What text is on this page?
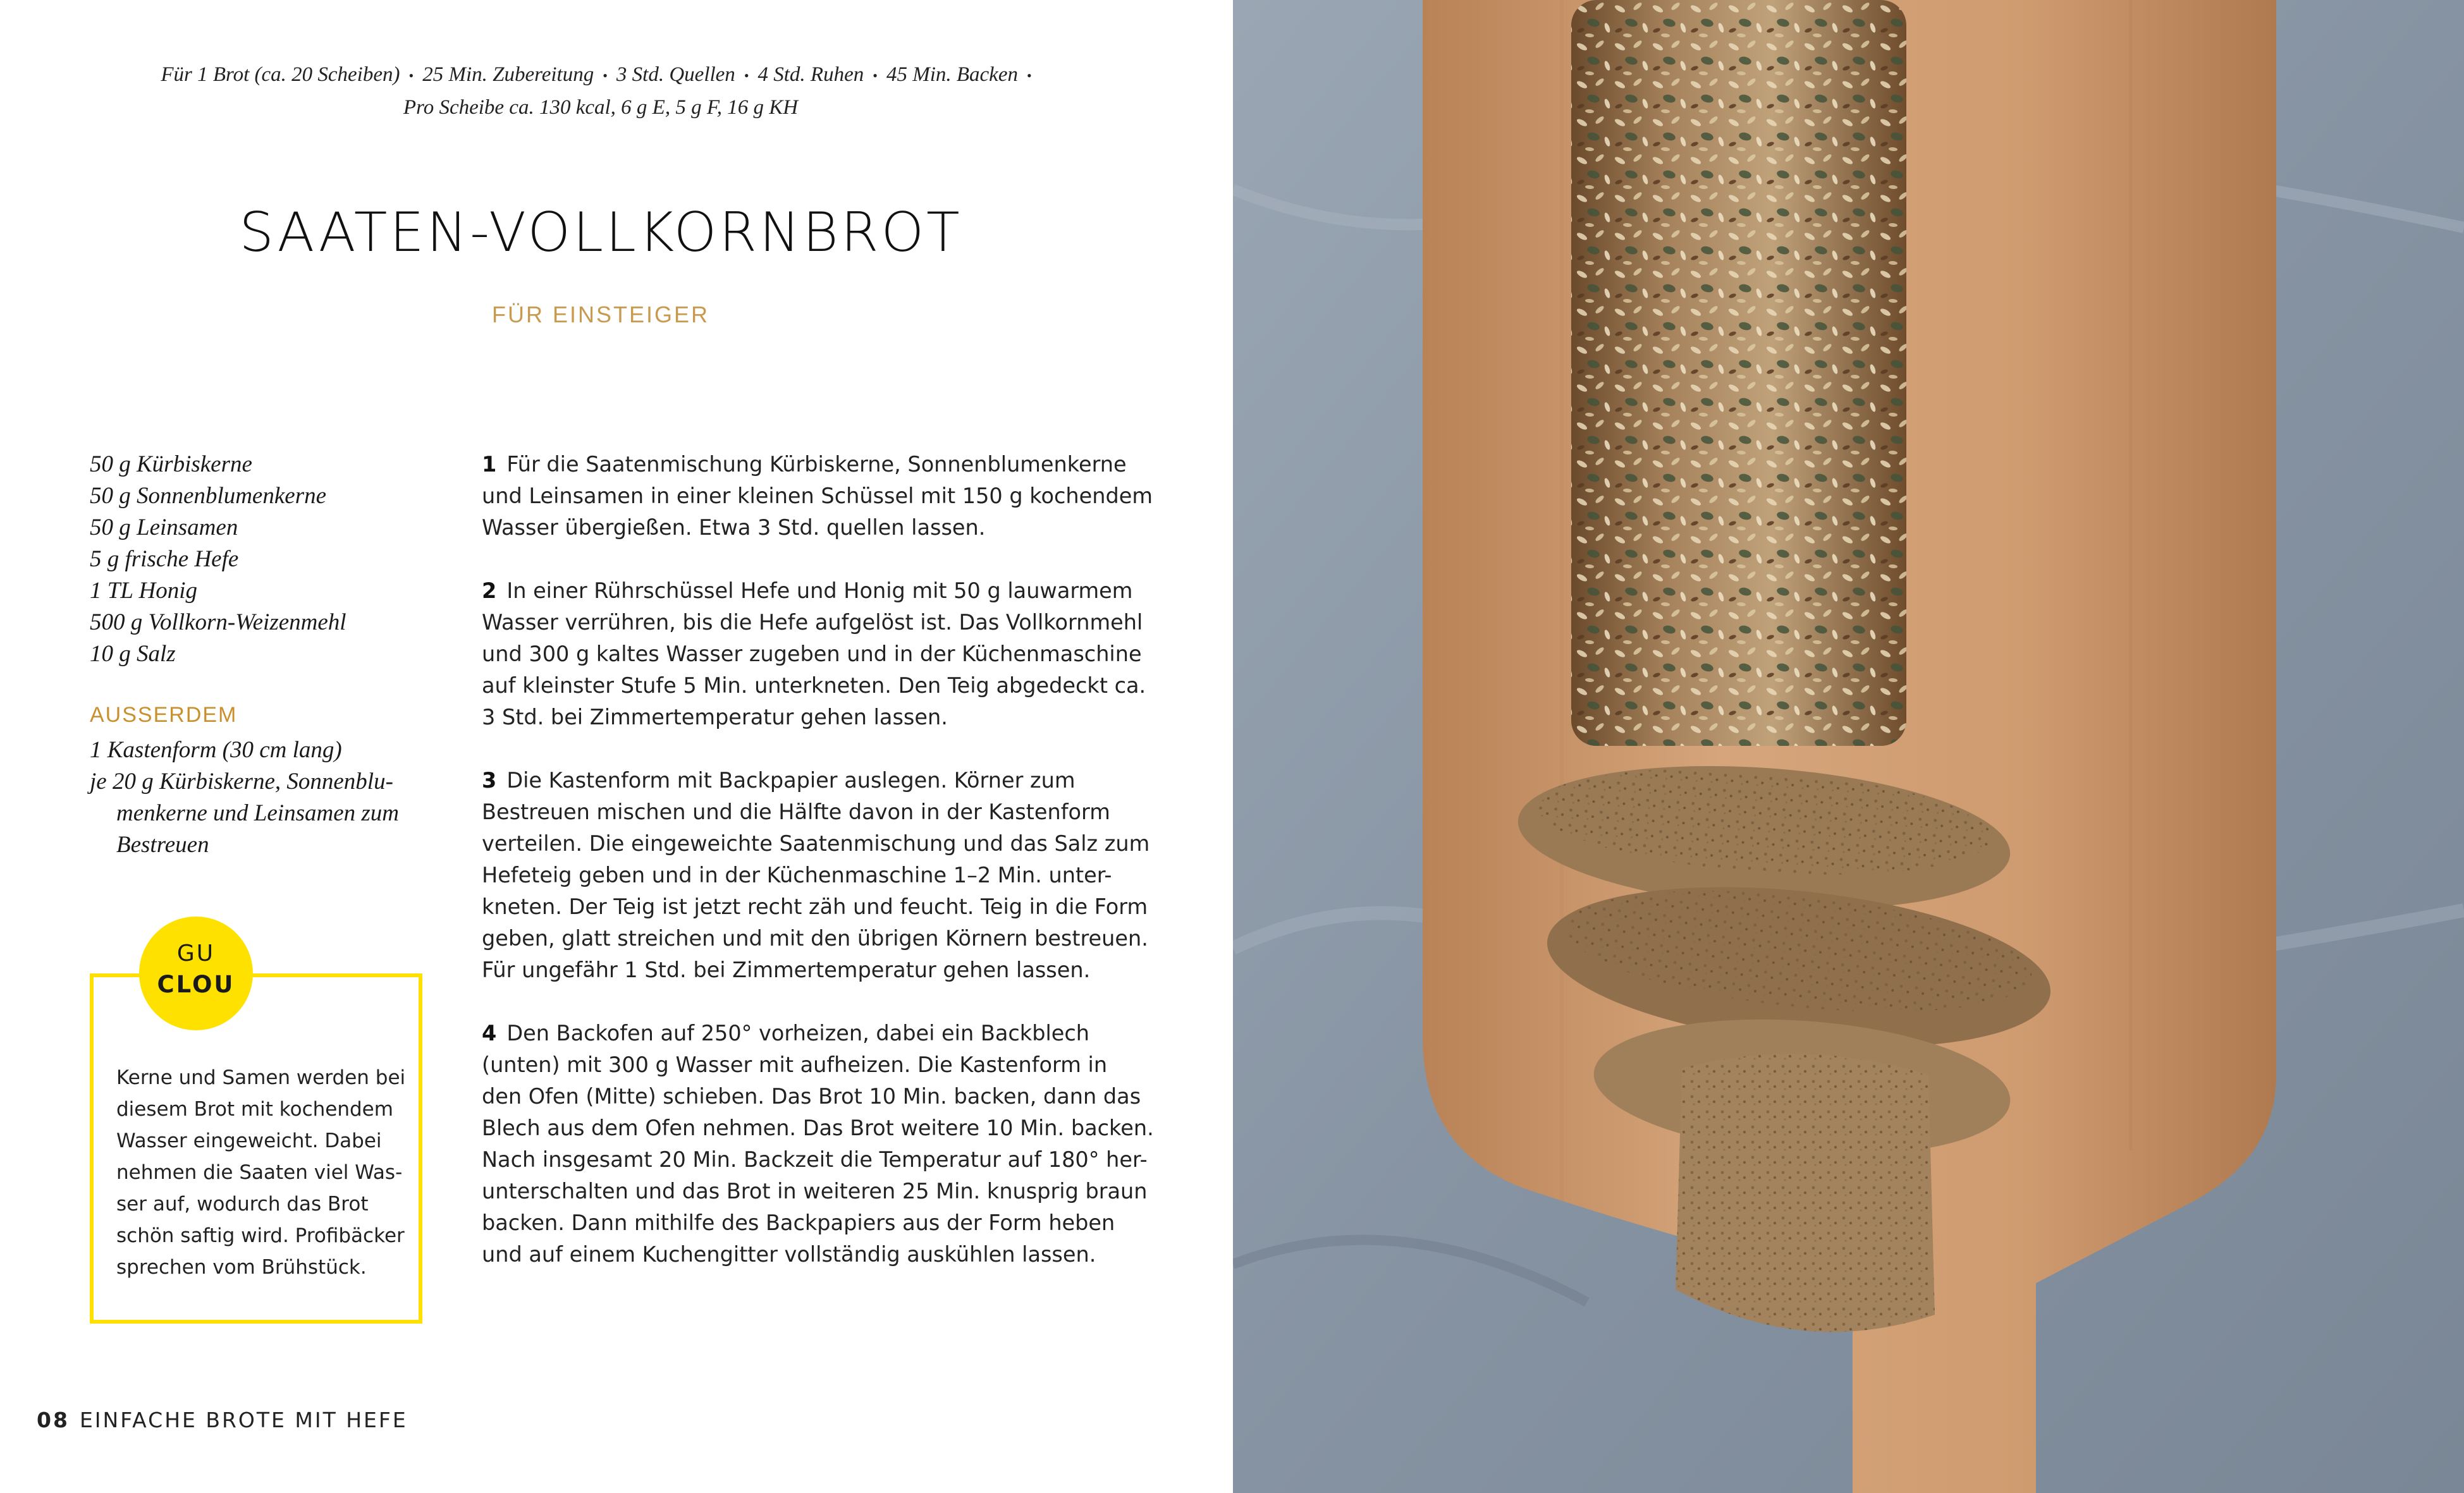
Für 1 Brot (ca. 20 Scheiben) • 25 Min. Zubereitung • 3 Std. Quellen • 4 Std. Ruhen • 45 Min. Backen •
Pro Scheibe ca. 130 kcal, 6 g E, 5 g F, 16 g KH
SAATEN-VOLLKORNBROT
FÜR EINSTEIGER
50 g Kürbiskerne
50 g Sonnenblumenkerne
50 g Leinsamen
5 g frische Hefe
1 TL Honig
500 g Vollkorn-Weizenmehl
10 g Salz
AUSSERDEM
1 Kastenform (30 cm lang)
je 20 g Kürbiskerne, Sonnenblu-
menkerne und Leinsamen zum
Bestreuen
GU
CLOU
Kerne und Samen werden bei
diesem Brot mit kochendem
Wasser eingeweicht. Dabei
nehmen die Saaten viel Was-
ser auf, wodurch das Brot
schön saftig wird. Profibäcker
sprechen vom Brühstück.

1 Für die Saatenmischung Kürbiskerne, Sonnenblumenkerne
und Leinsamen in einer kleinen Schüssel mit 150 g kochendem
Wasser übergießen. Etwa 3 Std. quellen lassen.

2 In einer Rührschüssel Hefe und Honig mit 50 g lauwarmem
Wasser verrühren, bis die Hefe aufgelöst ist. Das Vollkornmehl
und 300 g kaltes Wasser zugeben und in der Küchenmaschine
auf kleinster Stufe 5 Min. unterkneten. Den Teig abgedeckt ca.
3 Std. bei Zimmertemperatur gehen lassen.

3 Die Kastenform mit Backpapier auslegen. Körner zum
Bestreuen mischen und die Hälfte davon in der Kastenform
verteilen. Die eingeweichte Saatenmischung und das Salz zum
Hefeteig geben und in der Küchenmaschine 1–2 Min. unter-
kneten. Der Teig ist jetzt recht zäh und feucht. Teig in die Form
geben, glatt streichen und mit den übrigen Körnern bestreuen.
Für ungefähr 1 Std. bei Zimmertemperatur gehen lassen.

4 Den Backofen auf 250° vorheizen, dabei ein Backblech
(unten) mit 300 g Wasser mit aufheizen. Die Kastenform in
den Ofen (Mitte) schieben. Das Brot 10 Min. backen, dann das
Blech aus dem Ofen nehmen. Das Brot weitere 10 Min. backen.
Nach insgesamt 20 Min. Backzeit die Temperatur auf 180° her-
unterschalten und das Brot in weiteren 25 Min. knusprig braun
backen. Dann mithilfe des Backpapiers aus der Form heben
und auf einem Kuchengitter vollständig auskühlen lassen.

08 EINFACHE BROTE MIT HEFE
